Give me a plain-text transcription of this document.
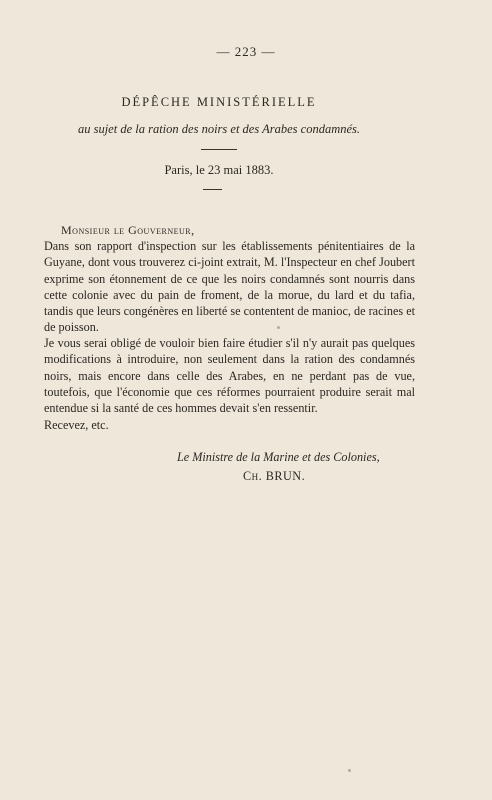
— 223 —
DÉPÊCHE MINISTÉRIELLE
au sujet de la ration des noirs et des Arabes condamnés.
Paris, le 23 mai 1883.
Monsieur le Gouverneur,

Dans son rapport d'inspection sur les établissements pénitentiaires de la Guyane, dont vous trouverez ci-joint extrait, M. l'Inspecteur en chef Joubert exprime son étonnement de ce que les noirs condamnés sont nourris dans cette colonie avec du pain de froment, de la morue, du lard et du tafia, tandis que leurs congénères en liberté se contentent de manioc, de racines et de poisson.

Je vous serai obligé de vouloir bien faire étudier s'il n'y aurait pas quelques modifications à introduire, non seulement dans la ration des condamnés noirs, mais encore dans celle des Arabes, en ne perdant pas de vue, toutefois, que l'économie que ces réformes pourraient produire serait mal entendue si la santé de ces hommes devait s'en ressentir.

Recevez, etc.

Le Ministre de la Marine et des Colonies,
Ch. BRUN.
